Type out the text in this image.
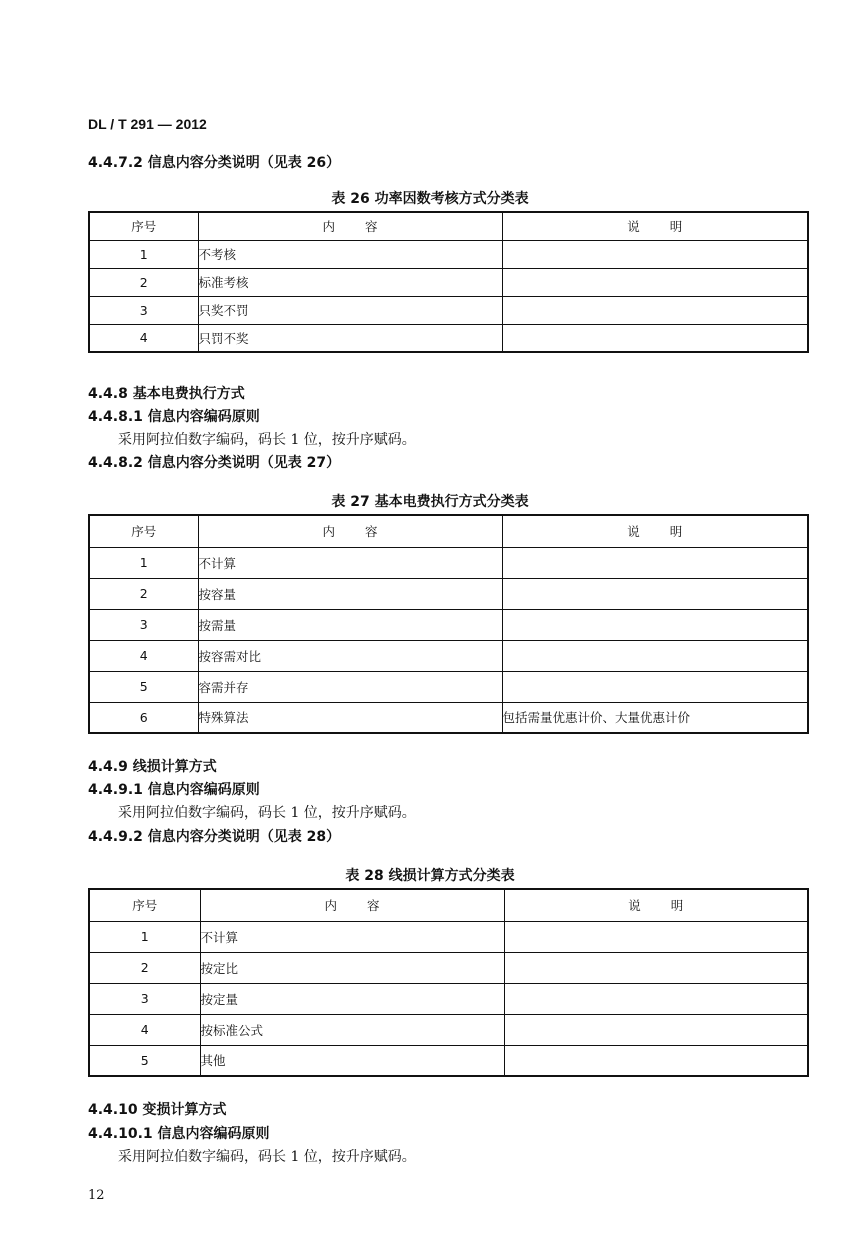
DL / T 291 — 2012
4.4.7.2 信息内容分类说明（见表 26）
表 26 功率因数考核方式分类表
序号	内容	说明
1	不考核	
2	标准考核	
3	只奖不罚	
4	只罚不奖	
4.4.8 基本电费执行方式
4.4.8.1 信息内容编码原则
采用阿拉伯数字编码，码长 1 位，按升序赋码。
4.4.8.2 信息内容分类说明（见表 27）
表 27 基本电费执行方式分类表
序号	内容	说明
1	不计算	
2	按容量	
3	按需量	
4	按容需对比	
5	容需并存	
6	特殊算法	包括需量优惠计价、大量优惠计价
4.4.9 线损计算方式
4.4.9.1 信息内容编码原则
采用阿拉伯数字编码，码长 1 位，按升序赋码。
4.4.9.2 信息内容分类说明（见表 28）
表 28 线损计算方式分类表
序号	内容	说明
1	不计算	
2	按定比	
3	按定量	
4	按标准公式	
5	其他	
4.4.10 变损计算方式
4.4.10.1 信息内容编码原则
采用阿拉伯数字编码，码长 1 位，按升序赋码。
12
